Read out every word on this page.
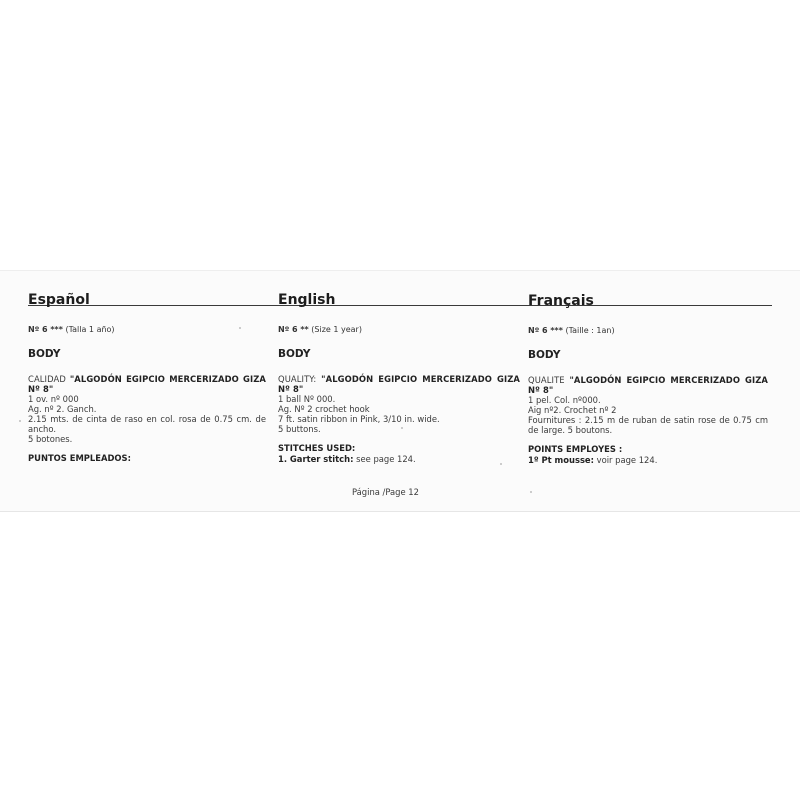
Español
Nº 6 *** (Talla 1 año)
BODY
CALIDAD "ALGODÓN EGIPCIO MERCERIZADO GIZA Nº 8"
1 ov. nº 000
Ag. nº 2. Ganch.
2.15 mts. de cinta de raso en col. rosa de 0.75 cm. de ancho.
5 botones.
PUNTOS EMPLEADOS:
English
Nº 6 ** (Size 1 year)
BODY
QUALITY: "ALGODÓN EGIPCIO MERCERIZADO GIZA Nº 8"
1 ball Nº 000.
Ag. Nº 2 crochet hook
7 ft. satin ribbon in Pink, 3/10 in. wide.
5 buttons.
STITCHES USED:
1. Garter stitch: see page 124.
Français
Nº 6 *** (Taille : 1an)
BODY
QUALITE "ALGODÓN EGIPCIO MERCERIZADO GIZA Nº 8"
1 pel. Col. nº000.
Aig nº2. Crochet nº 2
Fournitures : 2.15 m de ruban de satin rose de 0.75 cm de large. 5 boutons.
POINTS EMPLOYES :
1º Pt mousse: voir page 124.
Página /Page 12
